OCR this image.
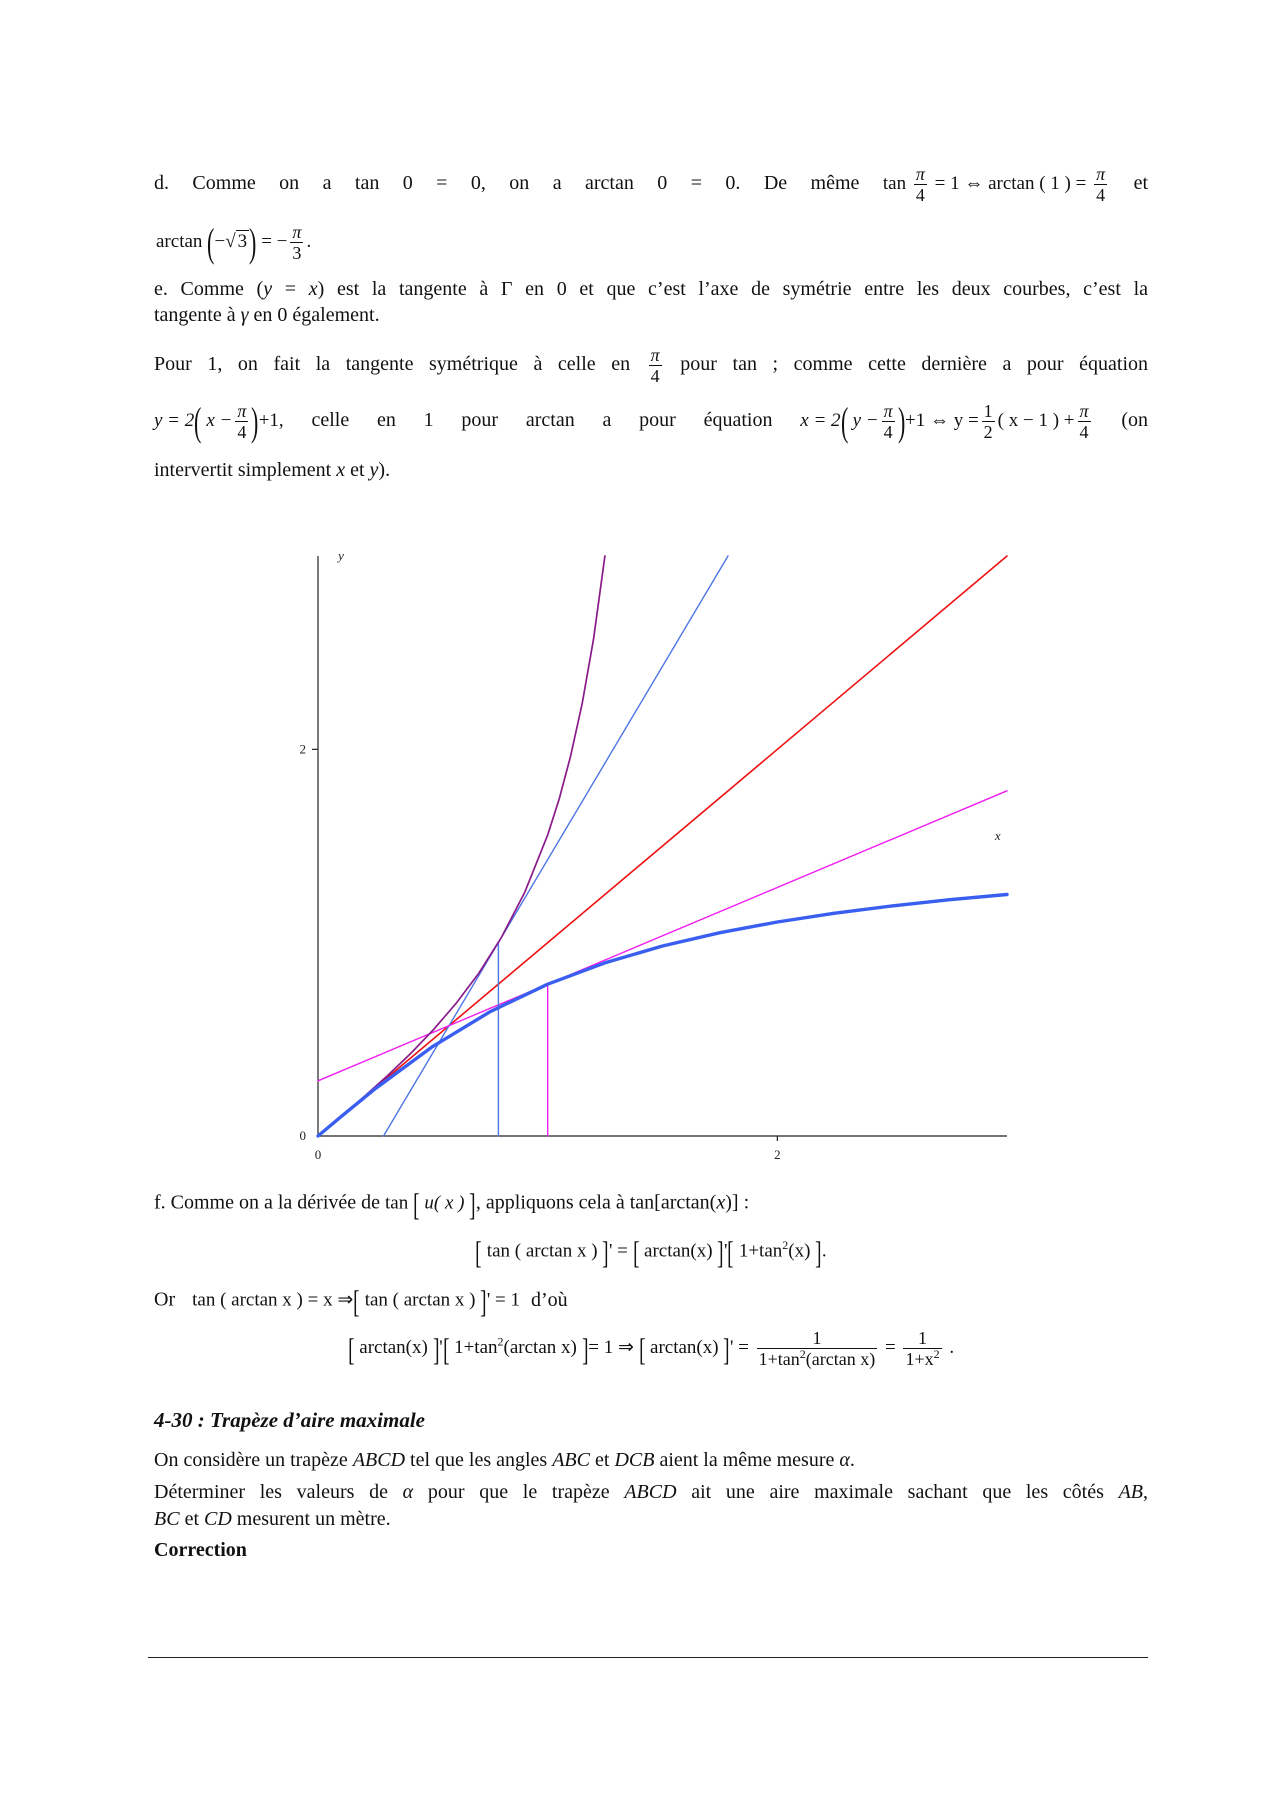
d. Comme on a tan 0 = 0, on a arctan 0 = 0. De même $\tan \frac{\pi}{4} = 1$ ⇔ arctan ( 1 ) = $\frac{\pi}{4}$ et
arctan (−√ 3) = − $\frac{\pi}{3}$ .
e. Comme (y = x) est la tangente à Γ en 0 et que c’est l’axe de symétrie entre les deux courbes, c’est la
tangente à γ en 0 également.
Pour 1, on fait la tangente symétrique à celle en $\frac{\pi}{4}$ pour tan ; comme cette dernière a pour équation
y = 2( $x - \frac{\pi}{4} )+1$, celle en 1 pour arctan a pour équation x = 2( $y - \frac{\pi}{4} )+1$ ⇔ $y = \frac{1}{2}$ ( x − 1 ) + $\frac{\pi}{4} (on$
intervertit simplement x et y).
0	2
0
2
y
x
f. Comme on a la dérivée de tan [ u( x ) ], appliquons cela à tan[arctan(x)] :
[ tan ( arctan x ) ]' = [ arctan(x) ]'[ $1+\tan^2(x)$ ].
Or tan ( arctan x ) = x ⇒[ tan ( arctan x ) ]' = 1 d’où
[ arctan(x) ]'[ $1+\tan^2(\arctan$ x) ]= 1 ⇒ [ arctan(x) ]' = $\frac{1}{1+\tan^2(\arctan x)} = \frac{1}{1+x^2}$ .
4-30 : Trapèze d’aire maximale
On considère un trapèze ABCD tel que les angles ABC et DCB aient la même mesure α.
Déterminer les valeurs de α pour que le trapèze ABCD ait une aire maximale sachant que les côtés AB,
BC et CD mesurent un mètre.
Correction
